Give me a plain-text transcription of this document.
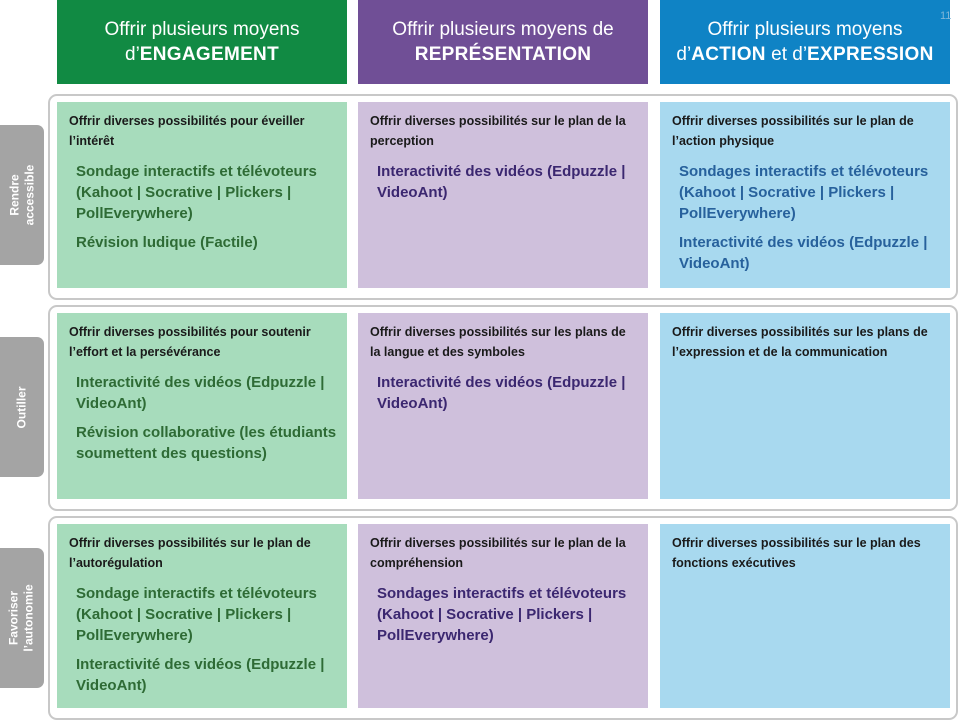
Offrir plusieurs moyens
d’ENGAGEMENT
Offrir plusieurs moyens de
REPRÉSENTATION
Offrir plusieurs moyens
d’ACTION et d’EXPRESSION
11
Rendre accessible
Outiller
Favoriser l’autonomie
Offrir diverses possibilités pour éveiller l’intérêt
Sondage interactifs et télévoteurs (Kahoot | Socrative | Plickers | PollEverywhere)
Révision ludique (Factile)
Offrir diverses possibilités sur le plan de la perception
Interactivité des vidéos (Edpuzzle | VideoAnt)
Offrir diverses possibilités sur le plan de l’action physique
Sondages interactifs et télévoteurs (Kahoot | Socrative | Plickers | PollEverywhere)
Interactivité des vidéos (Edpuzzle | VideoAnt)
Offrir diverses possibilités pour soutenir l’effort et la persévérance
Interactivité des vidéos (Edpuzzle | VideoAnt)
Révision collaborative (les étudiants soumettent des questions)
Offrir diverses possibilités sur les plans de la langue et des symboles
Interactivité des vidéos (Edpuzzle | VideoAnt)
Offrir diverses possibilités sur les plans de l’expression et de la communication
Offrir diverses possibilités sur le plan de l’autorégulation
Sondage interactifs et télévoteurs (Kahoot | Socrative | Plickers | PollEverywhere)
Interactivité des vidéos (Edpuzzle | VideoAnt)
Offrir diverses possibilités sur le plan de la compréhension
Sondages interactifs et télévoteurs (Kahoot | Socrative | Plickers | PollEverywhere)
Offrir diverses possibilités sur le plan des fonctions exécutives
